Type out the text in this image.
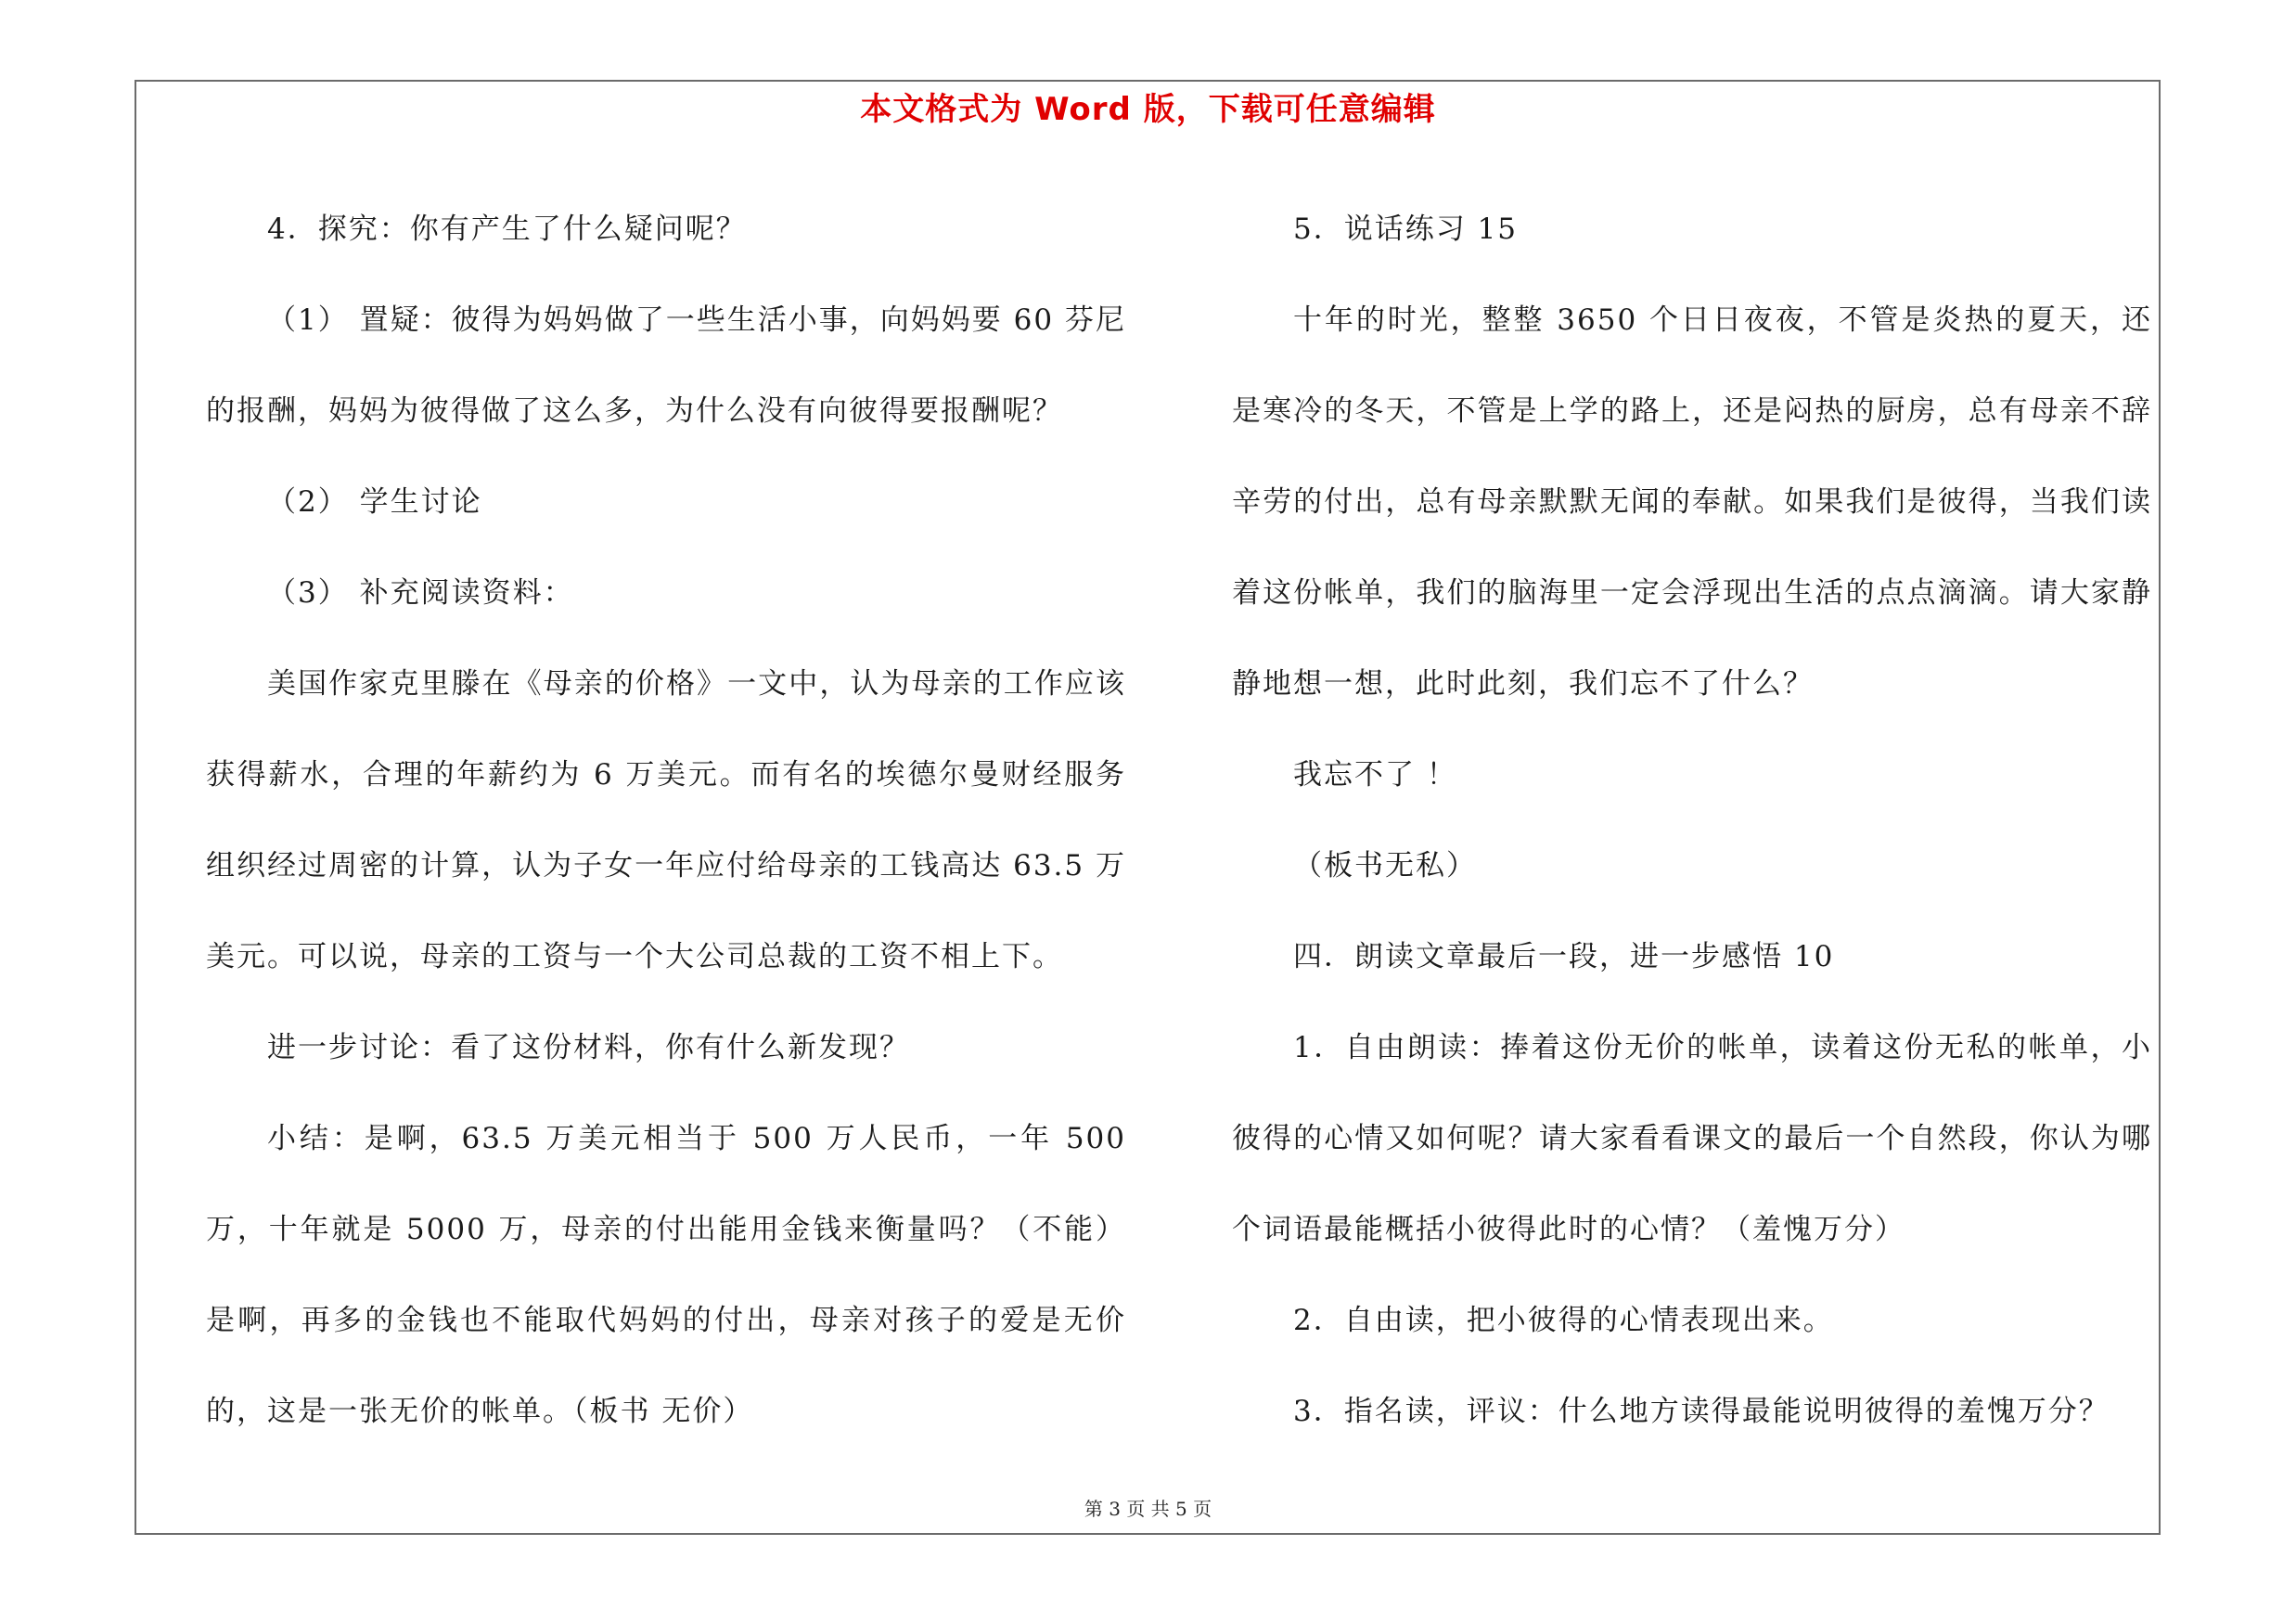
本文格式为 Word 版，下载可任意编辑

4．探究：你有产生了什么疑问呢？

（1） 置疑：彼得为妈妈做了一些生活小事，向妈妈要 60 芬尼的报酬，妈妈为彼得做了这么多，为什么没有向彼得要报酬呢？

（2） 学生讨论

（3） 补充阅读资料：

美国作家克里滕在《母亲的价格》一文中，认为母亲的工作应该获得薪水，合理的年薪约为 6 万美元。而有名的埃德尔曼财经服务组织经过周密的计算，认为子女一年应付给母亲的工钱高达 63.5 万美元。可以说，母亲的工资与一个大公司总裁的工资不相上下。

进一步讨论：看了这份材料，你有什么新发现？

小结：是啊，63.5 万美元相当于 500 万人民币，一年 500 万，十年就是 5000 万，母亲的付出能用金钱来衡量吗？（不能）是啊，再多的金钱也不能取代妈妈的付出，母亲对孩子的爱是无价的，这是一张无价的帐单。（板书 无价）

5．说话练习 15

十年的时光，整整 3650 个日日夜夜，不管是炎热的夏天，还是寒冷的冬天，不管是上学的路上，还是闷热的厨房，总有母亲不辞辛劳的付出，总有母亲默默无闻的奉献。如果我们是彼得，当我们读着这份帐单，我们的脑海里一定会浮现出生活的点点滴滴。请大家静静地想一想，此时此刻，我们忘不了什么？

我忘不了 ！

（板书无私）

四．朗读文章最后一段，进一步感悟 10

1．自由朗读：捧着这份无价的帐单，读着这份无私的帐单，小彼得的心情又如何呢？请大家看看课文的最后一个自然段，你认为哪个词语最能概括小彼得此时的心情？（羞愧万分）

2．自由读，把小彼得的心情表现出来。

3．指名读，评议：什么地方读得最能说明彼得的羞愧万分？

第 3 页 共 5 页
